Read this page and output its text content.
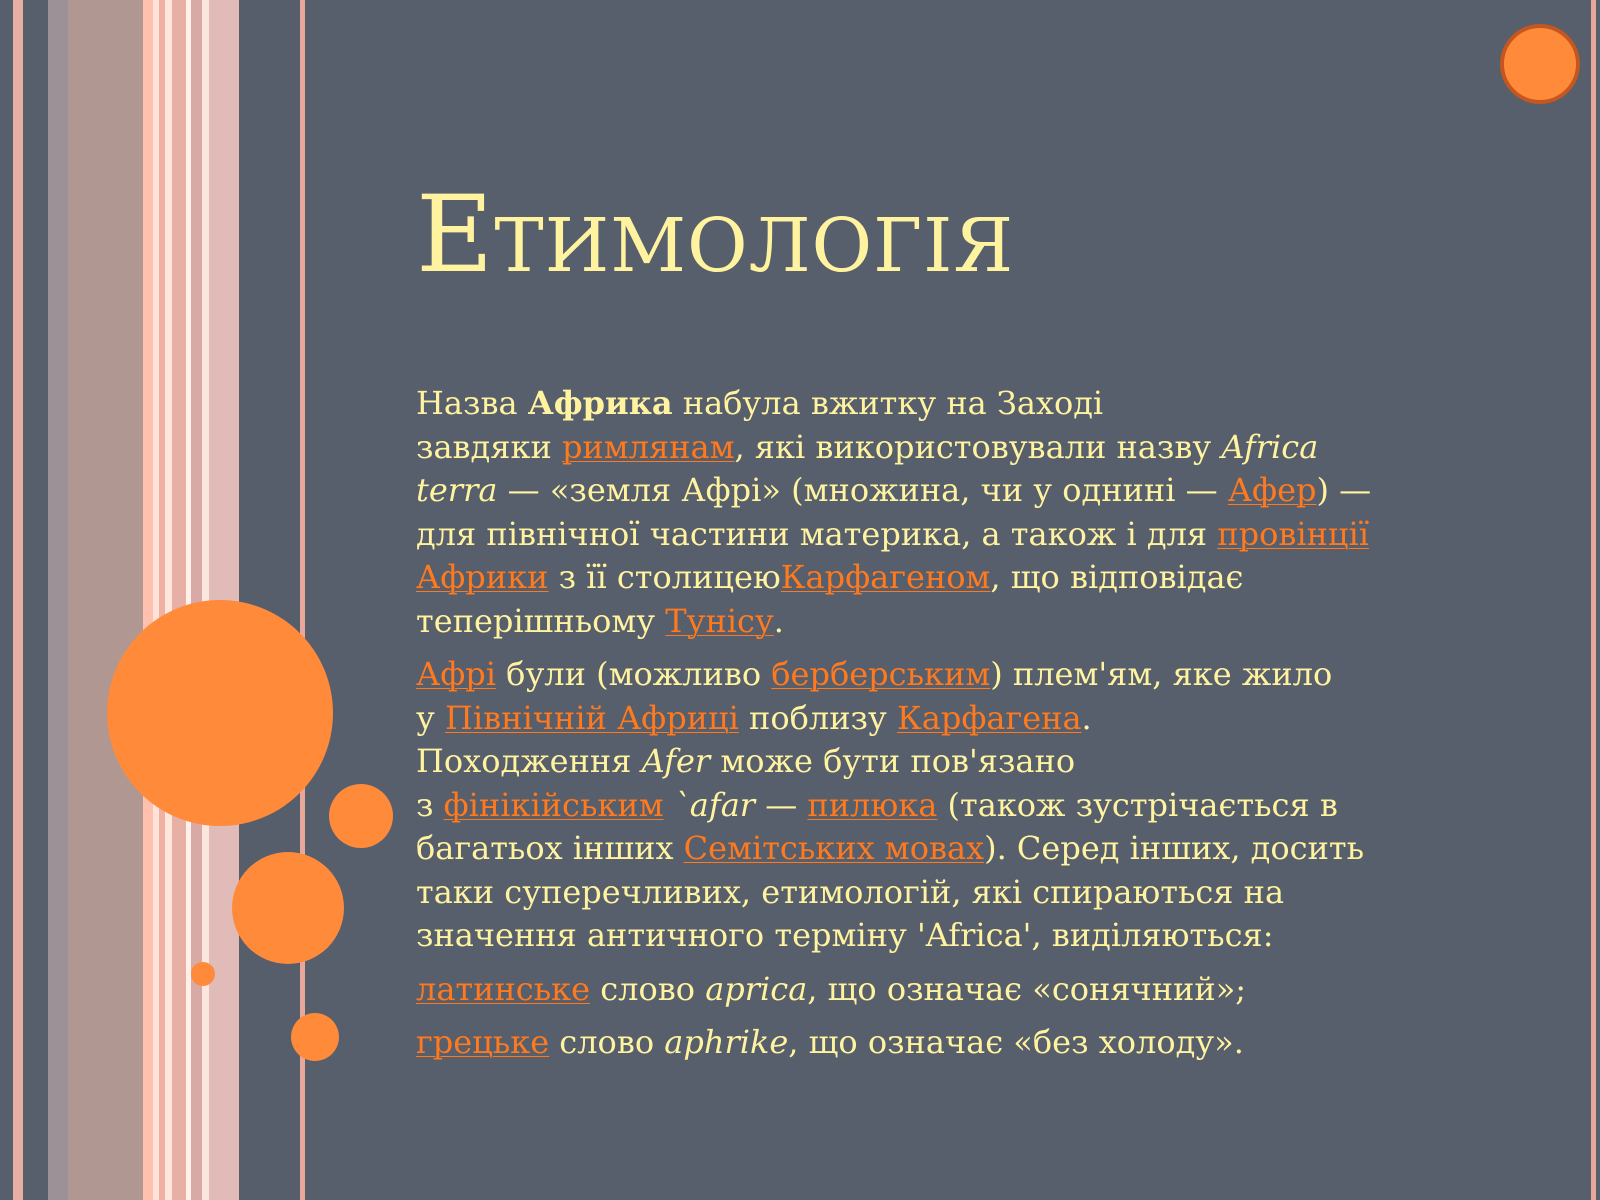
Етимологія

Назва Африка набула вжитку на Заході
завдяки римлянам, які використовували назву Africa
terra — «земля Афрі» (множина, чи у однині — Афер) —
для північної частини материка, а також і для провінції
Африки з її столицеюКарфагеном, що відповідає
теперішньому Тунісу.

Афрі були (можливо берберським) плем'ям, яке жило
у Північній Африці поблизу Карфагена.
Походження Afer може бути пов'язано
з фінікійським `afar — пилюка (також зустрічається в
багатьох інших Семітських мовах). Серед інших, досить
таки суперечливих, етимологій, які спираються на
значення античного терміну 'Africa', виділяються:

латинське слово aprica, що означає «сонячний»;

грецьке слово aphrike, що означає «без холоду».
